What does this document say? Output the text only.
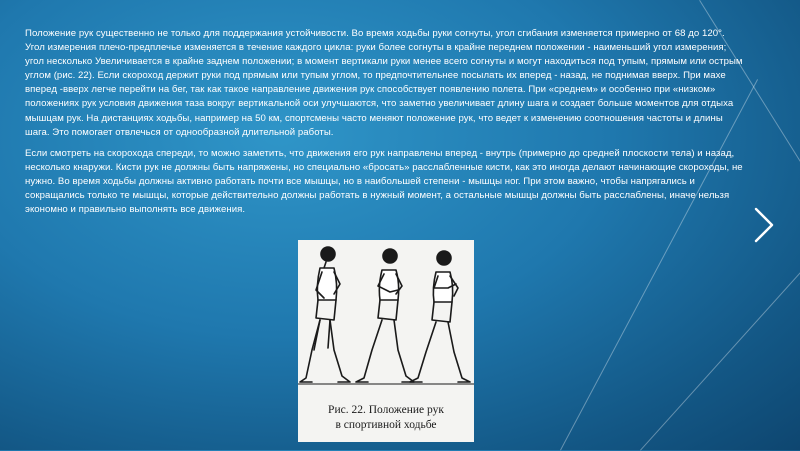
Положение рук существенно не только для поддержания устойчивости. Во время ходьбы руки согнуты, угол сгибания изменяется примерно от 68 до 120°. Угол измерения плечо-предплечье изменяется в течение каждого цикла: руки более согнуты в крайне переднем положении - наименьший угол измерения; угол несколько Увеличивается в крайне заднем положении; в момент вертикали руки менее всего согнуты и могут находиться под тупым, прямым или острым углом (рис. 22). Если скороход держит руки под прямым или тупым углом, то предпочтительнее посылать их вперед - назад, не поднимая вверх. При махе вперед -вверх легче перейти на бег, так как такое направление движения рук способствует появлению полета. При «среднем» и особенно при «низком» положениях рук условия движения таза вокруг вертикальной оси улучшаются, что заметно увеличивает длину шага и создает больше моментов для отдыха мышцам рук. На дистанциях ходьбы, например на 50 км, спортсмены часто меняют положение рук, что ведет к изменению соотношения частоты и длины шага. Это помогает отвлечься от однообразной длительной работы.

Если смотреть на скорохода спереди, то можно заметить, что движения его рук направлены вперед - внутрь (примерно до средней плоскости тела) и назад, несколько кнаружи. Кисти рук не должны быть напряжены, но специально «бросать» расслабленные кисти, как это иногда делают начинающие скороходы, не нужно. Во время ходьбы должны активно работать почти все мышцы, но в наибольшей степени - мышцы ног. При этом важно, чтобы напрягались и сокращались только те мышцы, которые действительно должны работать в нужный момент, а остальные мышцы должны быть расслаблены, иначе нельзя экономно и правильно выполнять все движения.

Рис. 22. Положение рук
в спортивной ходьбе
